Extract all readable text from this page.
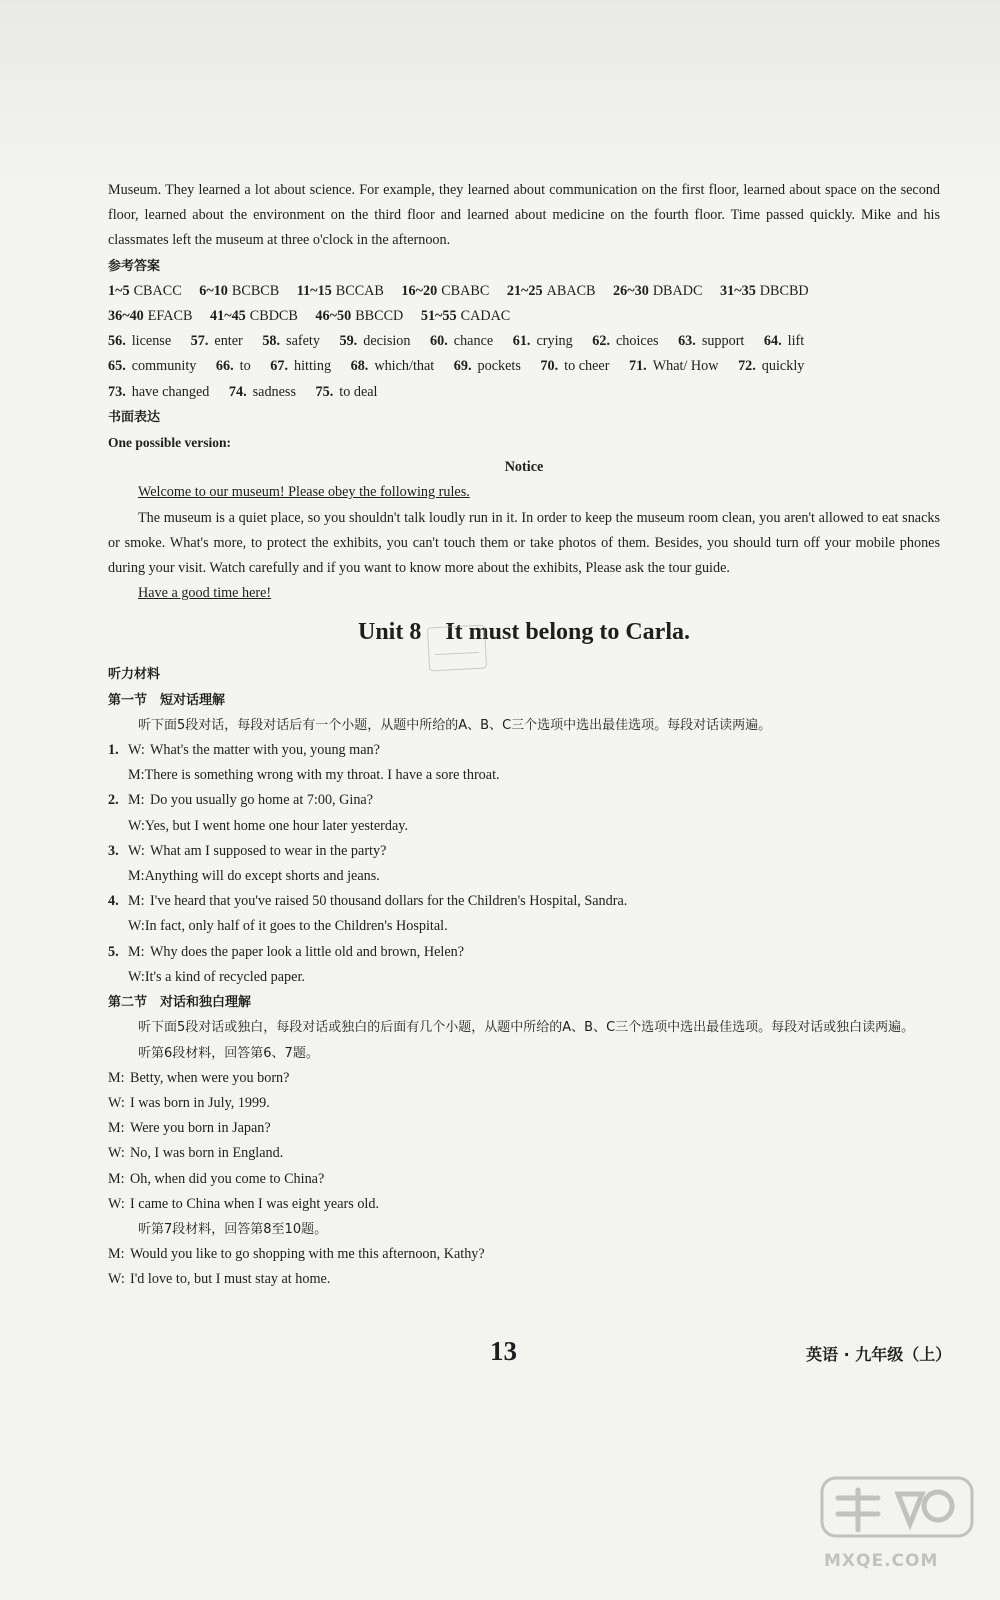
Museum. They learned a lot about science. For example, they learned about communication on the first floor, learned about space on the second floor, learned about the environment on the third floor and learned about medicine on the fourth floor. Time passed quickly. Mike and his classmates left the museum at three o'clock in the afternoon.

参考答案

1~5 CBACC 6~10 BCBCB 11~15 BCCAB 16~20 CBABC 21~25 ABACB 26~30 DBADC 31~35 DBCBD

36~40 EFACB 41~45 CBDCB 46~50 BBCCD 51~55 CADAC

56. license 57. enter 58. safety 59. decision 60. chance 61. crying 62. choices 63. support 64. lift

65. community 66. to 67. hitting 68. which/that 69. pockets 70. to cheer 71. What/ How 72. quickly

73. have changed 74. sadness 75. to deal

书面表达

One possible version:

Notice

Welcome to our museum! Please obey the following rules.

The museum is a quiet place, so you shouldn't talk loudly run in it. In order to keep the museum room clean, you aren't allowed to eat snacks or smoke. What's more, to protect the exhibits, you can't touch them or take photos of them. Besides, you should turn off your mobile phones during your visit. Watch carefully and if you want to know more about the exhibits, Please ask the tour guide.

Have a good time here!

Unit 8 It must belong to Carla.

听力材料

第一节　短对话理解

听下面5段对话，每段对话后有一个小题，从题中所给的A、B、C三个选项中选出最佳选项。每段对话读两遍。

1. W: What's the matter with you, young man?

M:There is something wrong with my throat. I have a sore throat.

2. M: Do you usually go home at 7:00, Gina?

W:Yes, but I went home one hour later yesterday.

3. W: What am I supposed to wear in the party?

M:Anything will do except shorts and jeans.

4. M: I've heard that you've raised 50 thousand dollars for the Children's Hospital, Sandra.

W:In fact, only half of it goes to the Children's Hospital.

5. M: Why does the paper look a little old and brown, Helen?

W:It's a kind of recycled paper.

第二节　对话和独白理解

听下面5段对话或独白，每段对话或独白的后面有几个小题，从题中所给的A、B、C三个选项中选出最佳选项。每段对话或独白读两遍。

听第6段材料，回答第6、7题。

M: Betty, when were you born?

W: I was born in July, 1999.

M: Were you born in Japan?

W: No, I was born in England.

M: Oh, when did you come to China?

W: I came to China when I was eight years old.

听第7段材料，回答第8至10题。

M: Would you like to go shopping with me this afternoon, Kathy?

W: I'd love to, but I must stay at home.

13	英语 · 九年级（上）
MXQE.COM
